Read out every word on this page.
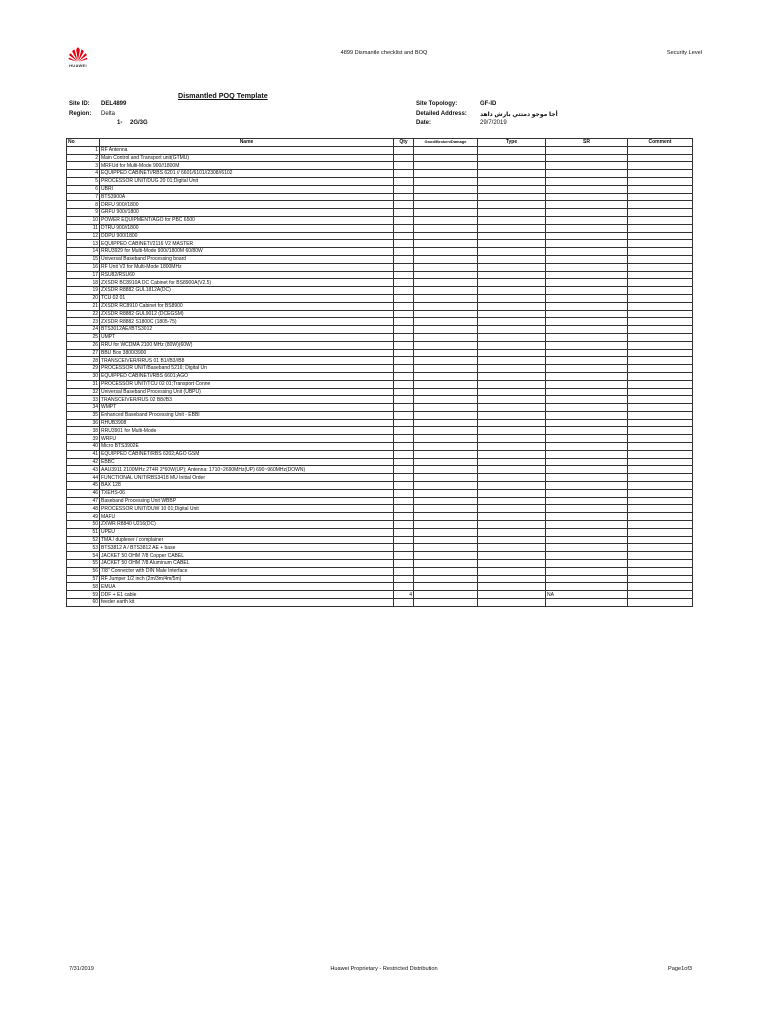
HUAWEI
4899 Dismantle checklist and BOQ	Security Level
Dismantled POQ Template
Site ID: DEL4899
Region: Delta
1- 2G/3G
Site Topology:	GF-ID
Detailed Address: أجا موجو دمتتي بارش داهد
Date:	29/7/2019
No	Name	Qty	Good/Broken/Damage	Type	SR	Comment
1	RF Antenna					
2	Main Control and Transport unit(GTMU)					
3	MRFUd for Multi-Mode 900//1800M					
4	EQUIPPED CABINET//RBS 6201 // 6601/6101//2308//6102					
5	PROCESSOR UNIT/DUG 20 01;Digital Unit					
6	UBRI					
7	BTS3900A					
8	DRFU 900//1800					
9	GRFU 900//1800					
10	POWER EQUIPMENT/AGO for PBC 6500					
11	DTRU 900//1800					
12	DDPU 900/1800					
13	EQUIPPED CABINET//2116 V2 MASTER					
14	RRU3929 for Multi-Mode 900//1800M 60/80W					
15	Universal Baseband Processing board					
16	RF Unit V2 for Multi-Mode 1800MHz					
17	RSU82/RSU60					
18	ZXSDR BC8910A DC Cabinet for BS8900A(V2.5)					
19	ZXSDR R8882 GUL1812A(DC)					
20	TCU 02 01					
21	ZXSDR RC8910 Cabinet for BS8900					
22	ZXSDR R8882 GUL9012 (DCEGSM)					
23	ZXSDR R8882 S1800C (1805-75)					
24	BTS3012AE//BTS3012					
25	UMPT					
26	RRU for WCDMA 2100 MHz (80W)(60W)					
27	BBU Box 3800/3900					
28	TRANSCEIVER/RRUS 01 B1//B3//B8					
29	PROCESSOR UNIT/Baseband 5216; Digital Un					
30	EQUIPPED CABINET//RBS 6601;AGO					
31	PROCESSOR UNIT/TCU 02 01;Transport Conne					
32	Universal Baseband Processing Unit (UBPU)					
33	TRANSCEIVER/RUS 02 B8//B3					
34	WMPT					
35	Enhanced Baseband Processing Unit - EBBI					
36	RHUB3908					
38	RRU3901 for Multi-Mode					
39	WRFU					
40	Micro BTS3902E					
41	EQUIPPED CABINET/RBS 6202;AGO GSM					
42	EBBC					
43	AAU3911 2100MHz 2T4R 2*60W(UP); Antenna: 1710~2690MHz(UP) 690~960MHz(DOWN)					
44	FUNCTIONAL UNIT/RBS3418 MU Initial Order					
45	BAX 128					
46	TXEHS-06					
47	Baseband Processing Unit WBBP					
48	PROCESSOR UNIT/DUW 10 01;Digital Unit					
49	MAFU					
50	ZXWR R8840 U216(DC)					
51	UPEU					
52	TMA / duplexer / complainer					
53	BTS3812 A / BTS3812 AE + base					
54	JACKET 50 OHM 7/8 Copper CABEL					
55	JACKET 50 OHM 7/8 Aluminum CABEL					
56	7/8" Connector with DIN Male Interface					
57	RF Jumper 1/2 inch (2m/3m/4m/5m)					
58	EMUA					
59	DDF + E1 cable	4			NA	
60	feeder earth kit					
7/31/2019	Huawei Proprietary - Restricted Distribution	Page1of3
